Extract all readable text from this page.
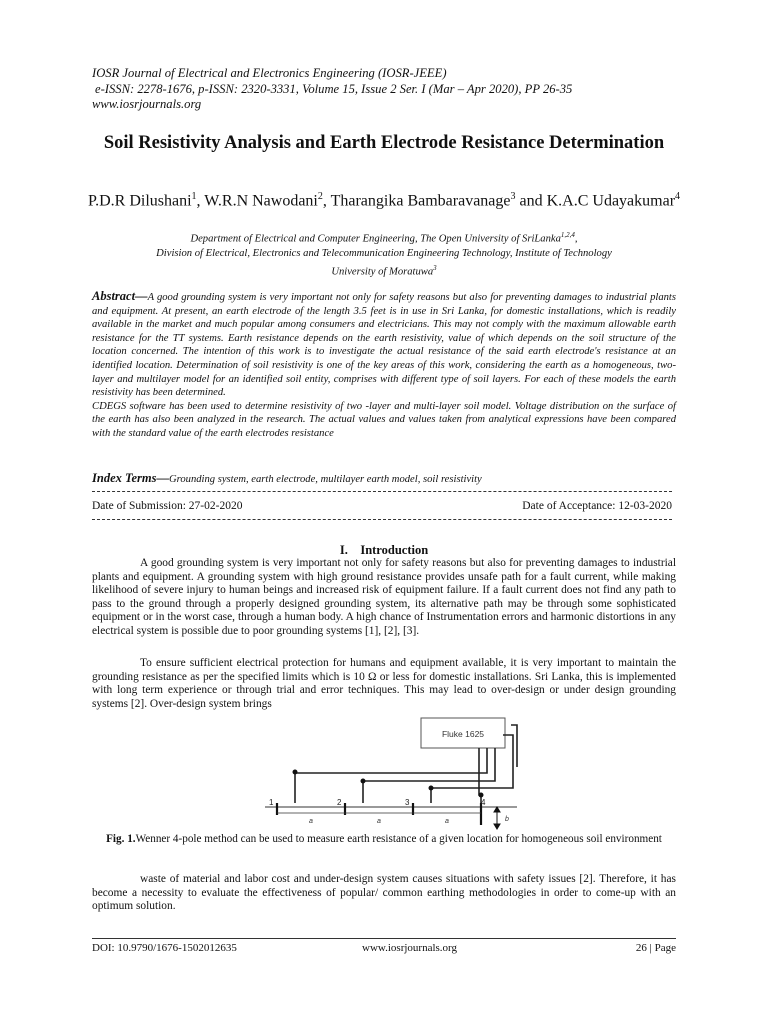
IOSR Journal of Electrical and Electronics Engineering (IOSR-JEEE)
e-ISSN: 2278-1676, p-ISSN: 2320-3331, Volume 15, Issue 2 Ser. I (Mar – Apr 2020), PP 26-35
www.iosrjournals.org
Soil Resistivity Analysis and Earth Electrode Resistance Determination
P.D.R Dilushani$^1$, W.R.N Nawodani$^2$, Tharangika Bambaravanage$^3$ and K.A.C Udayakumar$^4$
Department of Electrical and Computer Engineering, The Open University of SriLanka$^{1,2,4}$,
Division of Electrical, Electronics and Telecommunication Engineering Technology, Institute of Technology
University of Moratuwa$^3$
Abstract—A good grounding system is very important not only for safety reasons but also for preventing damages to industrial plants and equipment. At present, an earth electrode of the length 3.5 feet is in use in Sri Lanka, for domestic installations, which is readily available in the market and much popular among consumers and electricians. This may not comply with the maximum allowable earth resistance for the TT systems. Earth resistance depends on the earth resistivity, value of which depends on the soil structure of the location concerned. The intention of this work is to investigate the actual resistance of the said earth electrode's resistance at an identified location. Determination of soil resistivity is one of the key areas of this work, considering the earth as a homogeneous, two-layer and multilayer model for an identified soil entity, comprises with different type of soil layers. For each of these models the earth resistivity has been determined.
CDEGS software has been used to determine resistivity of two -layer and multi-layer soil model. Voltage distribution on the surface of the earth has also been analyzed in the research. The actual values and values taken from analytical expressions have been compared with the standard value of the earth electrodes resistance
Index Terms—Grounding system, earth electrode, multilayer earth model, soil resistivity
Date of Submission: 27-02-2020	Date of Acceptance: 12-03-2020
I. Introduction
A good grounding system is very important not only for safety reasons but also for preventing damages to industrial plants and equipment. A grounding system with high ground resistance provides unsafe path for a fault current, while making likelihood of severe injury to human beings and increased risk of equipment failure. If a fault current does not find any path to pass to the ground through a properly designed grounding system, its alternative path may be through some sophisticated equipment or in the worst case, through a human body. A high chance of Instrumentation errors and harmonic distortions in any electrical system is possible due to poor grounding systems [1], [2], [3].
To ensure sufficient electrical protection for humans and equipment available, it is very important to maintain the grounding resistance as per the specified limits which is 10 Ω or less for domestic installations. Sri Lanka, this is implemented with long term experience or through trial and error techniques. This may lead to over-design or under design grounding systems [2]. Over-design system brings
Fluke 1625
1	2	3	4
a	a	a	b
Fig. 1.Wenner 4-pole method can be used to measure earth resistance of a given location for homogeneous soil environment
waste of material and labor cost and under-design system causes situations with safety issues [2]. Therefore, it has become a necessity to evaluate the effectiveness of popular/ common earthing methodologies in order to come-up with an optimum solution.
DOI: 10.9790/1676-1502012635	www.iosrjournals.org	26 | Page
